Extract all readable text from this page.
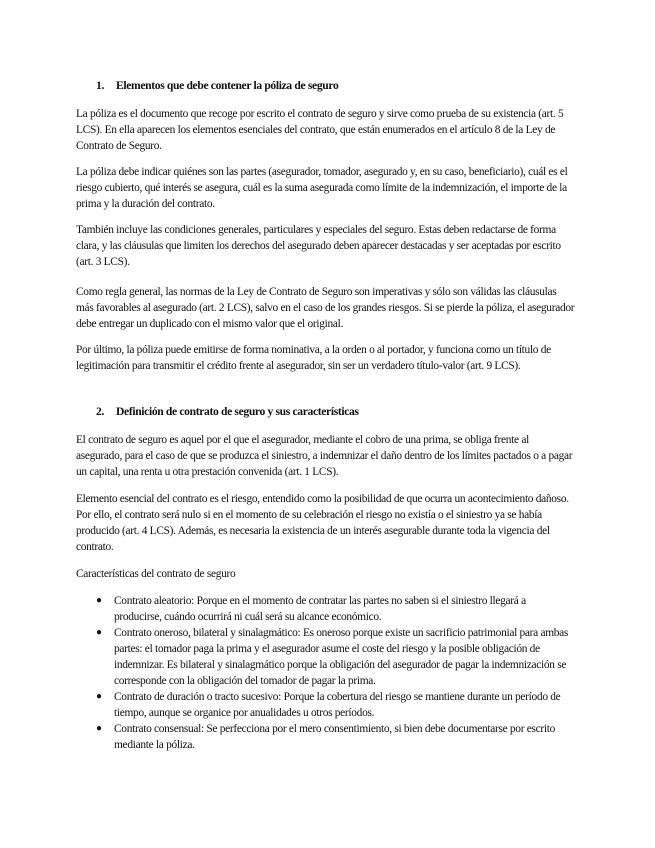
1. Elementos que debe contener la póliza de seguro

La póliza es el documento que recoge por escrito el contrato de seguro y sirve como prueba de su existencia (art. 5 LCS). En ella aparecen los elementos esenciales del contrato, que están enumerados en el artículo 8 de la Ley de Contrato de Seguro.

La póliza debe indicar quiénes son las partes (asegurador, tomador, asegurado y, en su caso, beneficiario), cuál es el riesgo cubierto, qué interés se asegura, cuál es la suma asegurada como límite de la indemnización, el importe de la prima y la duración del contrato.

También incluye las condiciones generales, particulares y especiales del seguro. Estas deben redactarse de forma clara, y las cláusulas que limiten los derechos del asegurado deben aparecer destacadas y ser aceptadas por escrito (art. 3 LCS).

Como regla general, las normas de la Ley de Contrato de Seguro son imperativas y sólo son válidas las cláusulas más favorables al asegurado (art. 2 LCS), salvo en el caso de los grandes riesgos. Si se pierde la póliza, el asegurador debe entregar un duplicado con el mismo valor que el original.

Por último, la póliza puede emitirse de forma nominativa, a la orden o al portador, y funciona como un título de legitimación para transmitir el crédito frente al asegurador, sin ser un verdadero título-valor (art. 9 LCS).

2. Definición de contrato de seguro y sus características

El contrato de seguro es aquel por el que el asegurador, mediante el cobro de una prima, se obliga frente al asegurado, para el caso de que se produzca el siniestro, a indemnizar el daño dentro de los límites pactados o a pagar un capital, una renta u otra prestación convenida (art. 1 LCS).

Elemento esencial del contrato es el riesgo, entendido como la posibilidad de que ocurra un acontecimiento dañoso. Por ello, el contrato será nulo si en el momento de su celebración el riesgo no existía o el siniestro ya se había producido (art. 4 LCS). Además, es necesaria la existencia de un interés asegurable durante toda la vigencia del contrato.

Características del contrato de seguro

● Contrato aleatorio: Porque en el momento de contratar las partes no saben si el siniestro llegará a producirse, cuándo ocurrirá ni cuál será su alcance económico.
● Contrato oneroso, bilateral y sinalagmático: Es oneroso porque existe un sacrificio patrimonial para ambas partes: el tomador paga la prima y el asegurador asume el coste del riesgo y la posible obligación de indemnizar. Es bilateral y sinalagmático porque la obligación del asegurador de pagar la indemnización se corresponde con la obligación del tomador de pagar la prima.
● Contrato de duración o tracto sucesivo: Porque la cobertura del riesgo se mantiene durante un período de tiempo, aunque se organice por anualidades u otros períodos.
● Contrato consensual: Se perfecciona por el mero consentimiento, si bien debe documentarse por escrito mediante la póliza.
